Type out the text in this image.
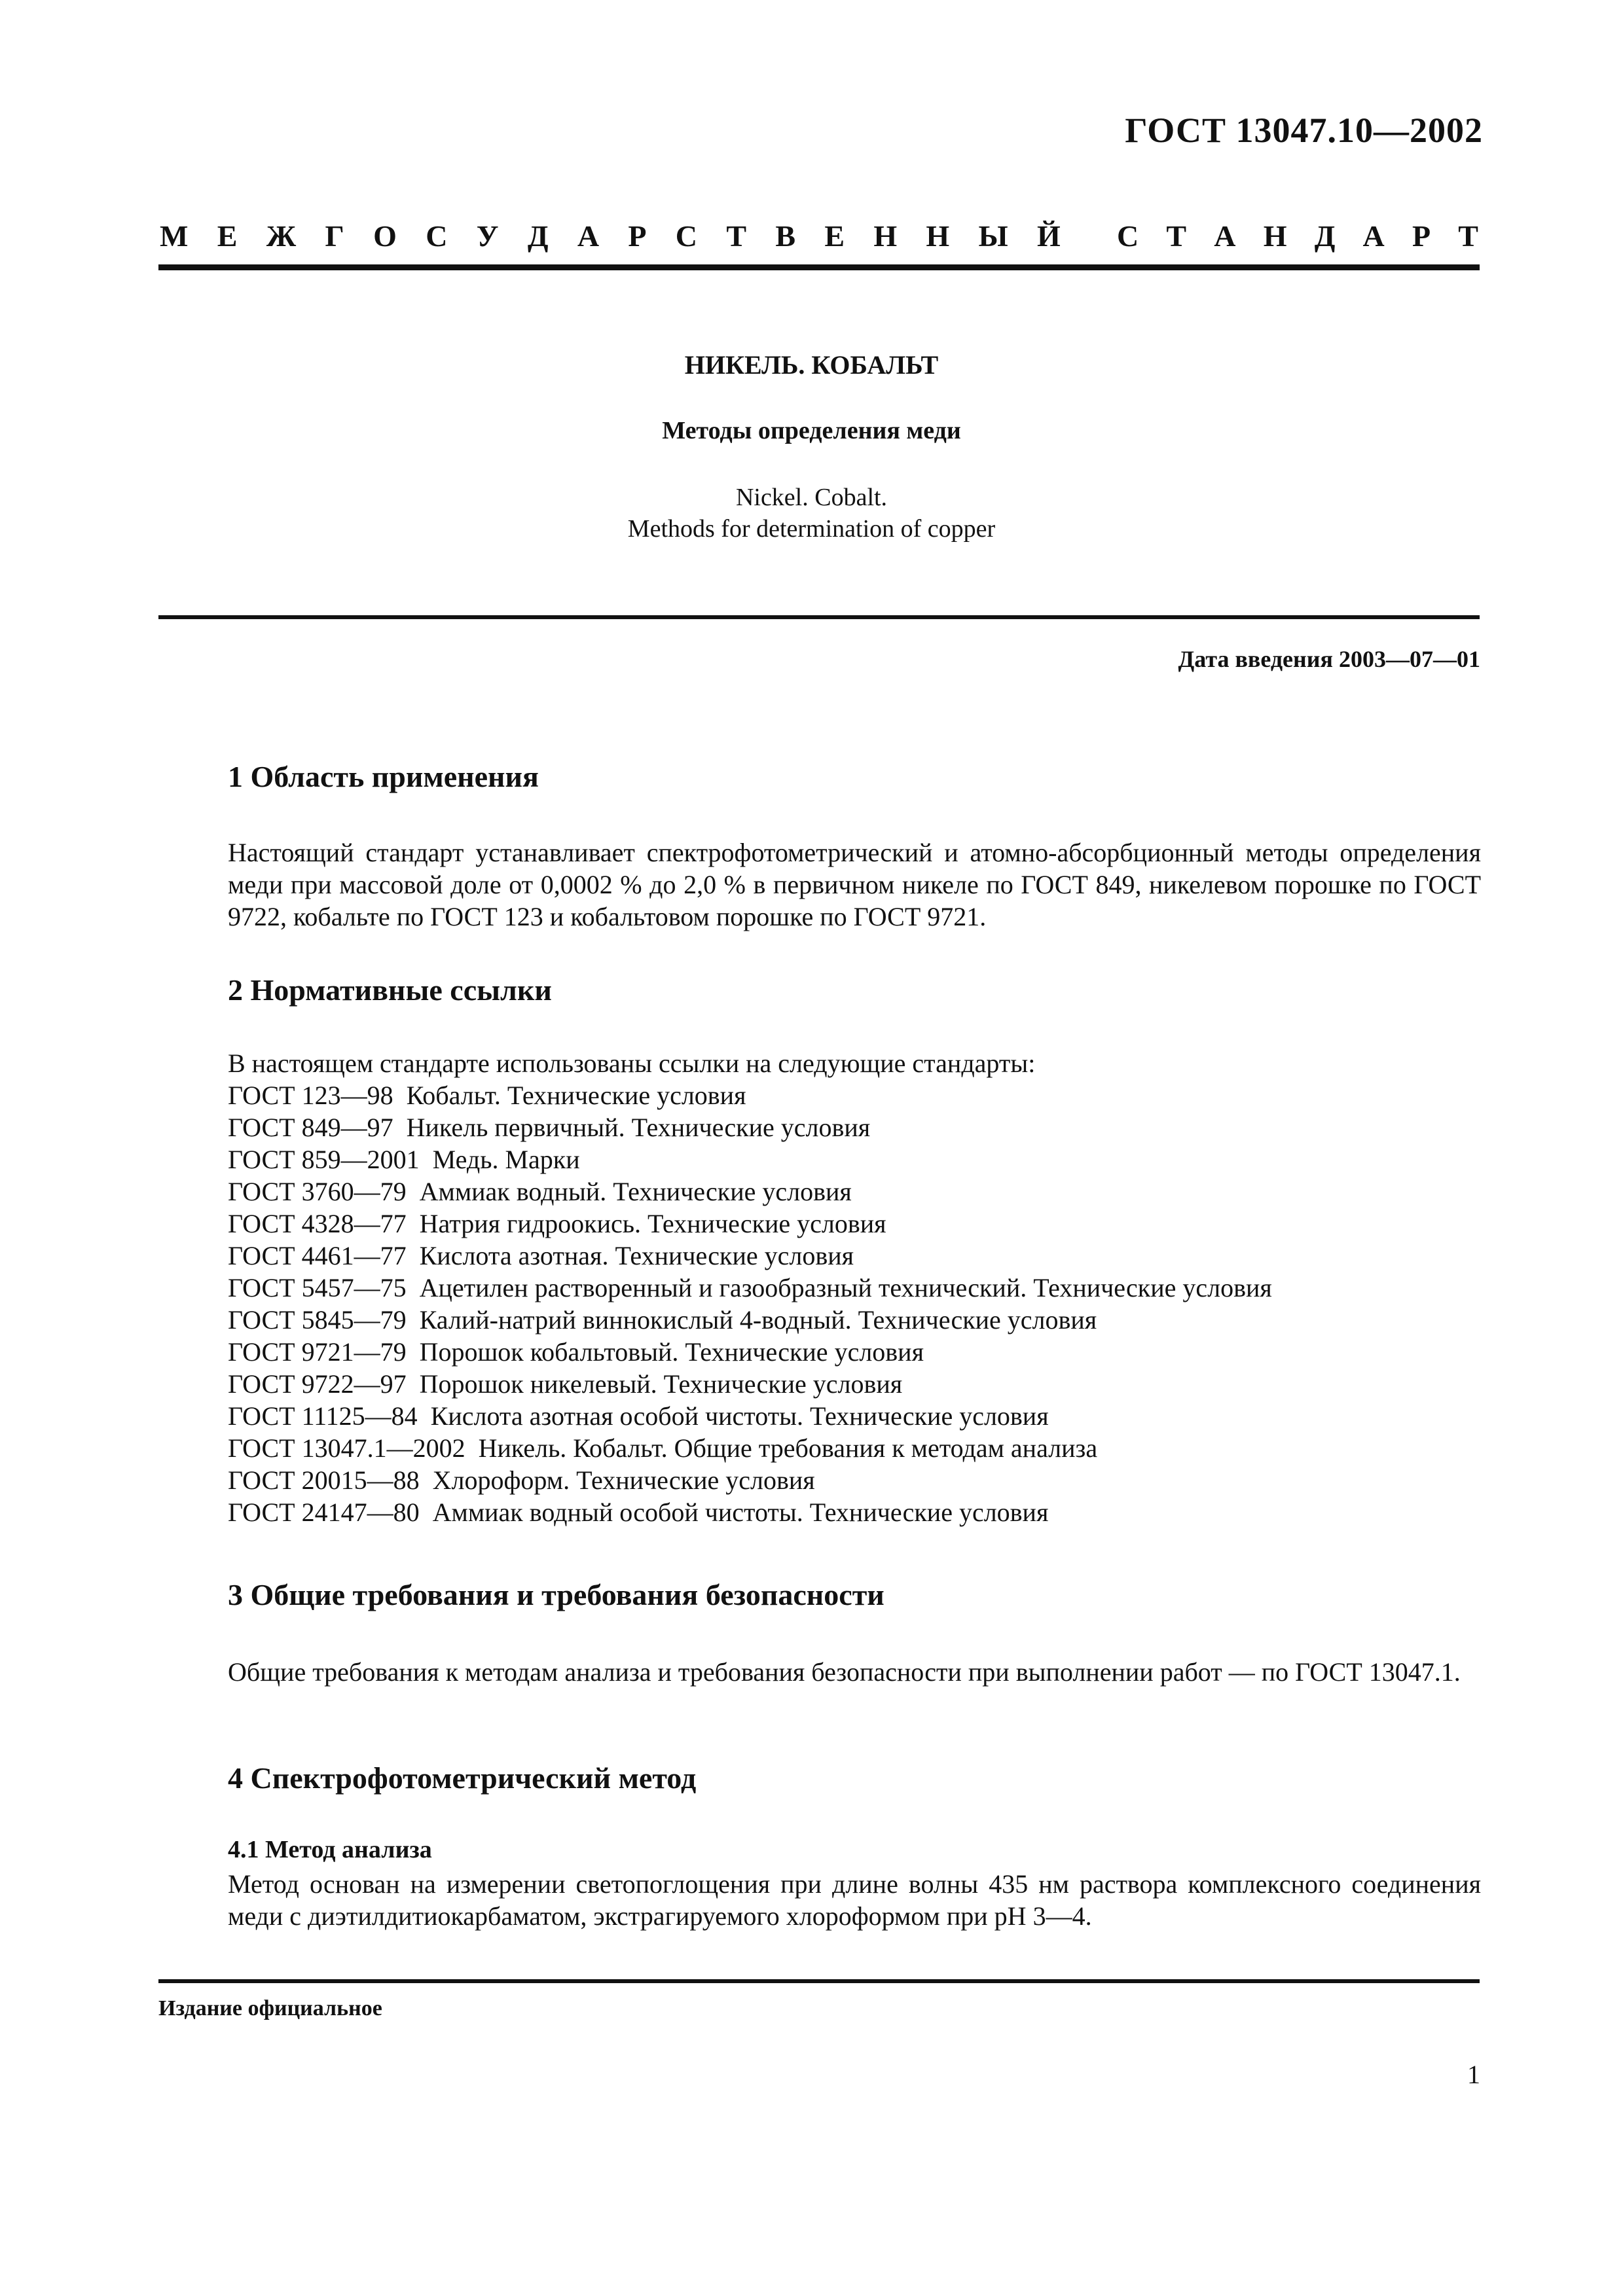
ГОСТ 13047.10—2002
М Е Ж Г О С У Д А Р С Т В Е Н Н Ы Й С Т А Н Д А Р Т
НИКЕЛЬ. КОБАЛЬТ
Методы определения меди
Nickel. Cobalt.
Methods for determination of copper
Дата введения 2003—07—01
1 Область применения
Настоящий стандарт устанавливает спектрофотометрический и атомно-абсорбционный методы определения меди при массовой доле от 0,0002 % до 2,0 % в первичном никеле по ГОСТ 849, никелевом порошке по ГОСТ 9722, кобальте по ГОСТ 123 и кобальтовом порошке по ГОСТ 9721.
2 Нормативные ссылки
В настоящем стандарте использованы ссылки на следующие стандарты:
ГОСТ 123—98  Кобальт. Технические условия
ГОСТ 849—97  Никель первичный. Технические условия
ГОСТ 859—2001  Медь. Марки
ГОСТ 3760—79  Аммиак водный. Технические условия
ГОСТ 4328—77  Натрия гидроокись. Технические условия
ГОСТ 4461—77  Кислота азотная. Технические условия
ГОСТ 5457—75  Ацетилен растворенный и газообразный технический. Технические условия
ГОСТ 5845—79  Калий-натрий виннокислый 4-водный. Технические условия
ГОСТ 9721—79  Порошок кобальтовый. Технические условия
ГОСТ 9722—97  Порошок никелевый. Технические условия
ГОСТ 11125—84  Кислота азотная особой чистоты. Технические условия
ГОСТ 13047.1—2002  Никель. Кобальт. Общие требования к методам анализа
ГОСТ 20015—88  Хлороформ. Технические условия
ГОСТ 24147—80  Аммиак водный особой чистоты. Технические условия
3 Общие требования и требования безопасности
Общие требования к методам анализа и требования безопасности при выполнении работ — по ГОСТ 13047.1.
4 Спектрофотометрический метод
4.1 Метод анализа
Метод основан на измерении светопоглощения при длине волны 435 нм раствора комплексного соединения меди с диэтилдитиокарбаматом, экстрагируемого хлороформом при рН 3—4.
Издание официальное
1
